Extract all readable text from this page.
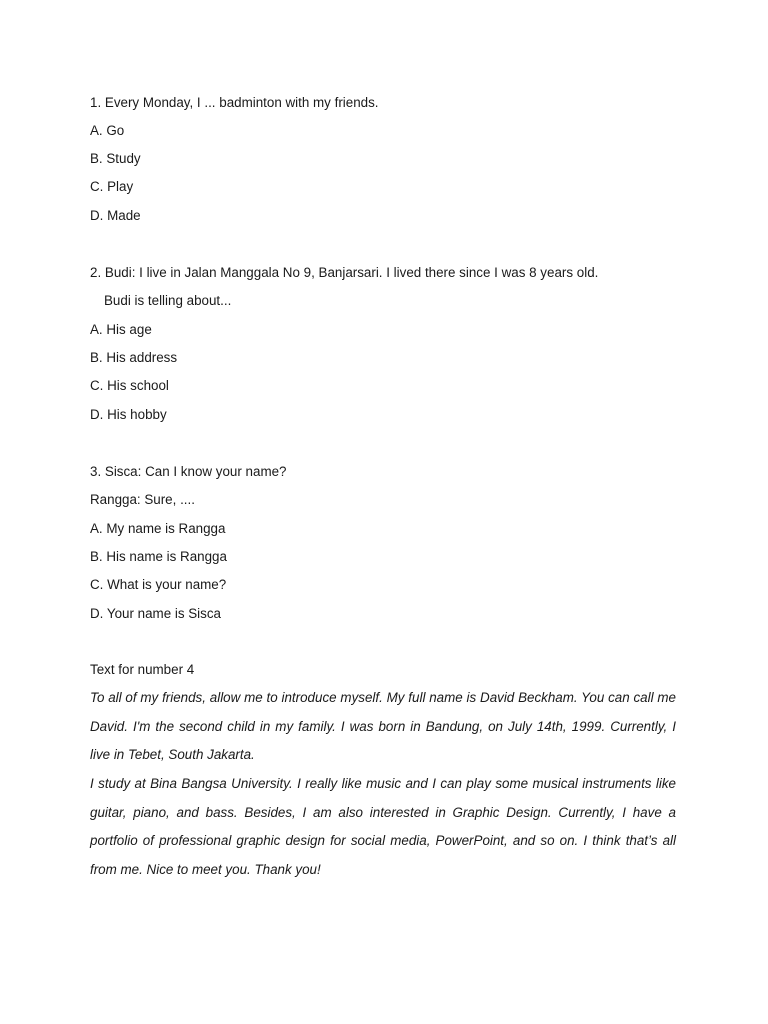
1. Every Monday, I ... badminton with my friends.
A. Go
B. Study
C. Play
D. Made
2. Budi: I live in Jalan Manggala No 9, Banjarsari. I lived there since I was 8 years old.
Budi is telling about...
A. His age
B. His address
C. His school
D. His hobby
3. Sisca: Can I know your name?
Rangga: Sure, ....
A. My name is Rangga
B. His name is Rangga
C. What is your name?
D. Your name is Sisca
Text for number 4
To all of my friends, allow me to introduce myself. My full name is David Beckham. You can call me David. I'm the second child in my family. I was born in Bandung, on July 14th, 1999. Currently, I live in Tebet, South Jakarta.
I study at Bina Bangsa University. I really like music and I can play some musical instruments like guitar, piano, and bass. Besides, I am also interested in Graphic Design. Currently, I have a portfolio of professional graphic design for social media, PowerPoint, and so on. I think that’s all from me. Nice to meet you. Thank you!
